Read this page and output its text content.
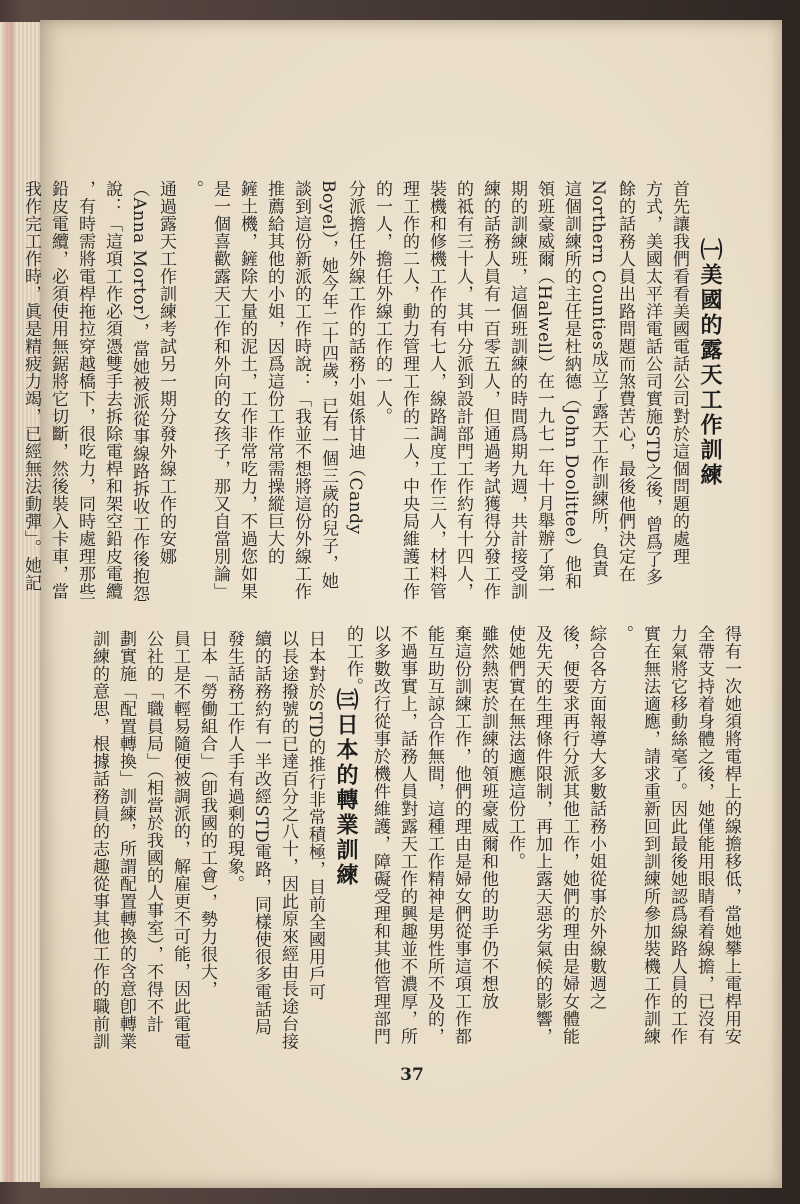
㈠美國的露天工作訓練

首先讓我們看看美國電話公司對於這個問題的處理

方式，美國太平洋電話公司實施STD之後，曾爲了多

餘的話務人員出路問題而煞費苦心，最後他們決定在

Northern Counties成立了露天工作訓練所，負責

這個訓練所的主任是杜納德（John Doolittee）他和

領班豪威爾（Halwell）在一九七一年十月舉辦了第一

期的訓練班，這個班訓練的時間爲期九週，共計接受訓

練的話務人員有一百零五人，但通過考試獲得分發工作

的祗有三十人，其中分派到設計部門工作約有十四人，

裝機和修機工作的有七人，線路調度工作三人，材料管

理工作的二人，動力管理工作的二人，中央局維護工作

的一人，擔任外線工作的一人。

分派擔任外線工作的話務小姐係甘迪（Candy

Boyel），她今年二十四歲，已有一個三歲的兒子，她

談到這份新派的工作時說：「我並不想將這份外線工作

推薦給其他的小姐，因爲這份工作常需操縱巨大的

鏟土機，鏟除大量的泥土，工作非常吃力，不過您如果

是一個喜歡露天工作和外向的女孩子，那又自當別論」

。

通過露天工作訓練考試另一期分發外線工作的安娜

（Anna Mortor），當她被派從事線路拆收工作後抱怨

說：「這項工作必須憑雙手去拆除電桿和架空鉛皮電纜

，有時需將電桿拖拉穿越橋下，很吃力，同時處理那些

鉛皮電纜，必須使用無鋸將它切斷，然後裝入卡車，當

我作完工作時，眞是精疲力竭，已經無法動彈」。她記

得有一次她須將電桿上的線擔移低，當她攀上電桿用安

全帶支持着身體之後，她僅能用眼睛看着線擔，已沒有

力氣將它移動絲毫了。因此最後她認爲線路人員的工作

實在無法適應，請求重新回到訓練所參加裝機工作訓練

。

綜合各方面報導大多數話務小姐從事於外線數週之

後，便要求再行分派其他工作，她們的理由是婦女體能

及先天的生理條件限制，再加上露天惡劣氣候的影響，

使她們實在無法適應這份工作。

雖然熱衷於訓練的領班豪威爾和他的助手仍不想放

棄這份訓練工作，他們的理由是婦女們從事這項工作都

能互助互諒合作無間，這種工作精神是男性所不及的，

不過事實上，話務人員對露天工作的興趣並不濃厚，所

以多數改行從事於機件維護，障礙受理和其他管理部門

的工作。

㈢日本的轉業訓練

日本對於STD的推行非常積極，目前全國用戶可

以長途撥號的已達百分之八十，因此原來經由長途台接

續的話務約有一半改經STD電路，同樣使很多電話局

發生話務工作人手有過剩的現象。

日本「勞働組合」（卽我國的工會），勢力很大，

員工是不輕易隨便被調派的，解雇更不可能，因此電電

公社的「職員局」（相當於我國的人事室），不得不計

劃實施「配置轉換」訓練，所謂配置轉換的含意卽轉業

訓練的意思，根據話務員的志趣從事其他工作的職前訓

37
